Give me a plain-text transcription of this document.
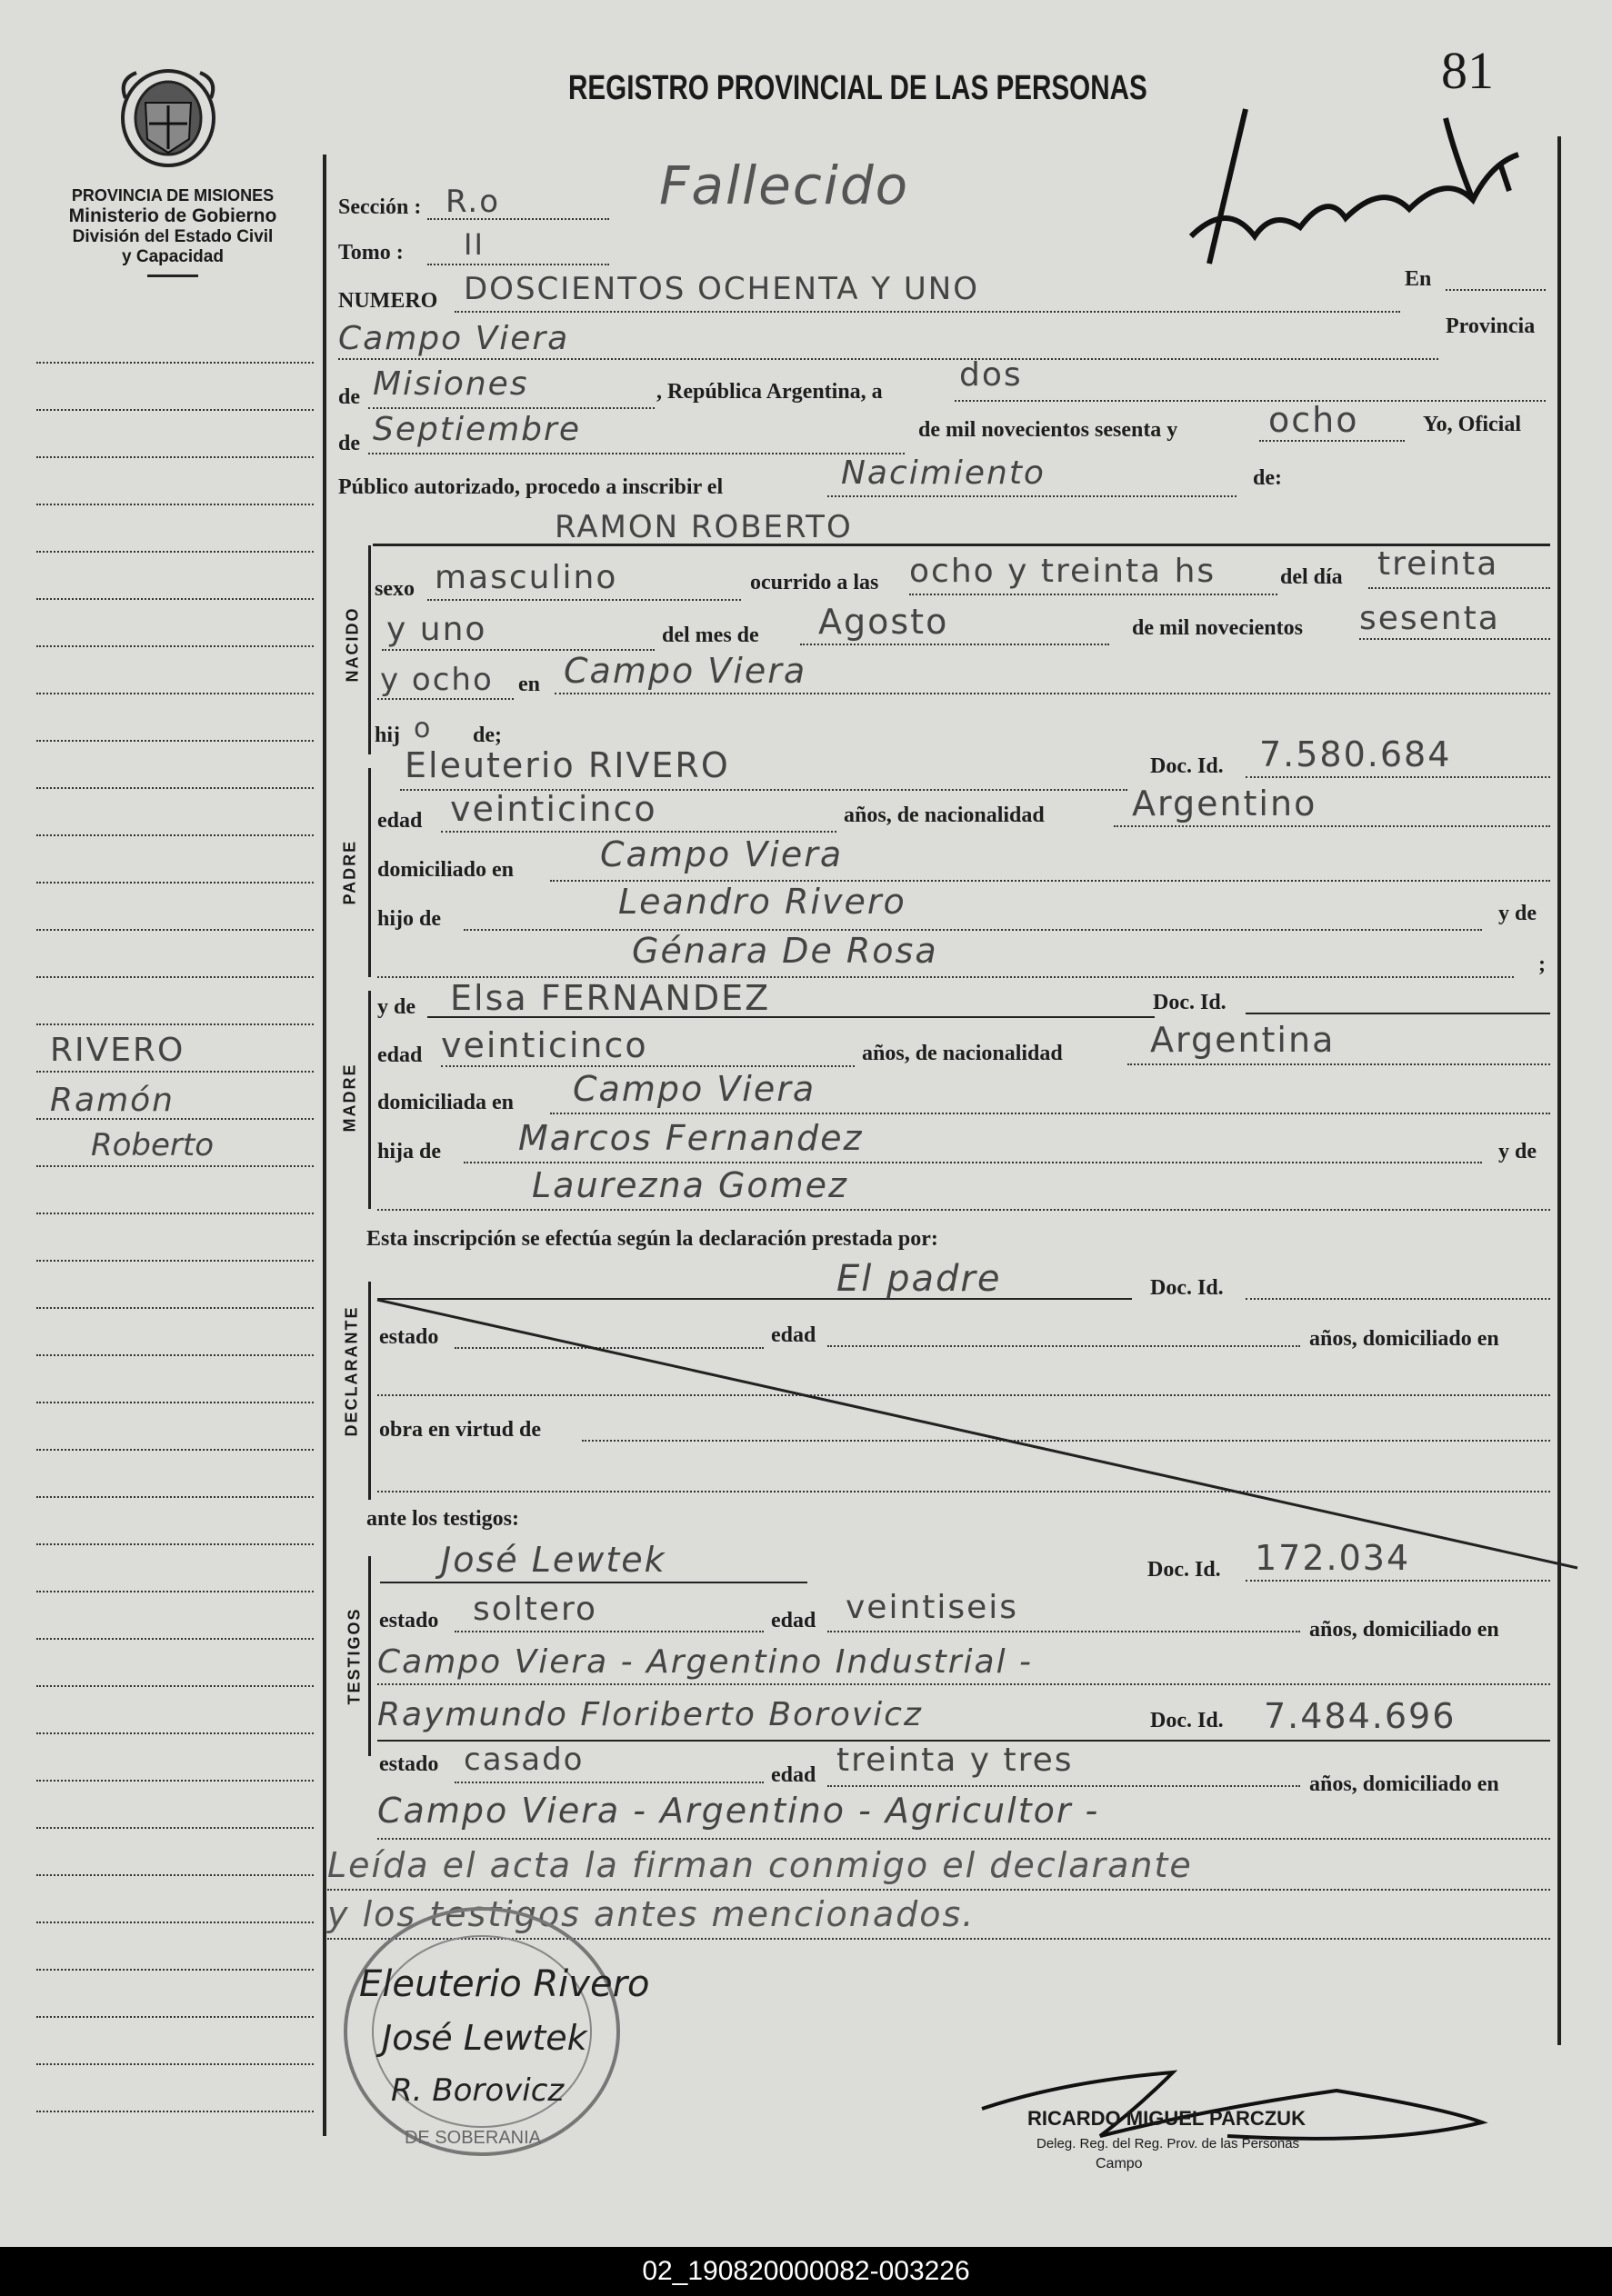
PROVINCIA DE MISIONES
Ministerio de Gobierno
División del Estado Civil
y Capacidad
REGISTRO PROVINCIAL DE LAS PERSONAS	81
Fallecido
RIVERO
Ramón
Roberto
Sección : R.o
Tomo : II
NUMERO DOSCIENTOS OCHENTA Y UNO	En
Campo Viera	Provincia
de Misiones	, República Argentina, a dos
de Septiembre	de mil novecientos sesenta y	ocho	Yo, Oficial
Público autorizado, procedo a inscribir el	Nacimiento	de:
NACIDO
RAMON ROBERTO
sexo masculino	ocurrido a las ocho y treinta hs	del día treinta
y uno	del mes de Agosto	de mil novecientos sesenta
y ocho en Campo Viera
hij o de;
PADRE
Eleuterio RIVERO	Doc. Id. 7.580.684
edad veinticinco	años, de nacionalidad	Argentino
domiciliado en Campo Viera
hijo de	Leandro Rivero	y de
Génara De Rosa	;
MADRE
y de Elsa FERNANDEZ	Doc. Id.
edad veinticinco	años, de nacionalidad	Argentina
domiciliada en Campo Viera
hija de Marcos Fernandez	y de
Laurezna Gomez
Esta inscripción se efectúa según la declaración prestada por:
El padre	Doc. Id.
DECLARANTE estado	edad	años, domiciliado en
obra en virtud de
ante los testigos:
TESTIGOS
José Lewtek	Doc. Id. 172.034
estado soltero	edad veintiseis
años, domiciliado en
Campo Viera - Argentino Industrial -
Raymundo Floriberto Borovicz	Doc. Id. 7.484.696
estado casado	edad treinta y tres
años, domiciliado en
Campo Viera - Argentino - Agricultor -
Leída el acta la firman conmigo el declarante
y los testigos antes mencionados.
DE SOBERANIA
Eleuterio Rivero
José Lewtek
R. Borovicz
RICARDO MIGUEL PARCZUK
Deleg. Reg. del Reg. Prov. de las Personas
Campo
02_190820000082-003226
